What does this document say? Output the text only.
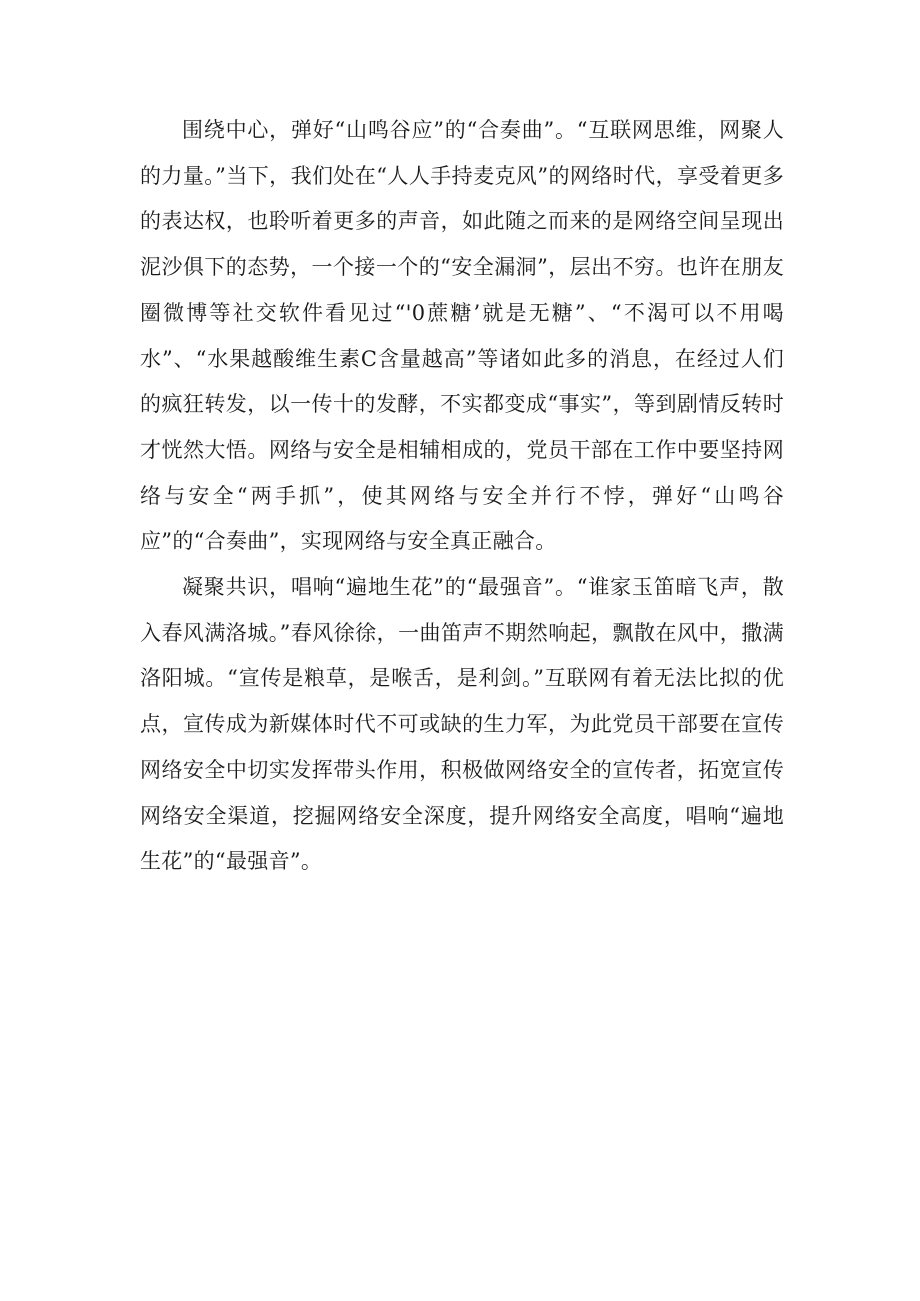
围绕中心，弹好“山鸣谷应”的“合奏曲”。“互联网思维，网聚人的力量。”当下，我们处在“人人手持麦克风”的网络时代，享受着更多的表达权，也聆听着更多的声音，如此随之而来的是网络空间呈现出泥沙俱下的态势，一个接一个的“安全漏洞”，层出不穷。也许在朋友圈微博等社交软件看见过“'0蔗糖’就是无糖”、“不渴可以不用喝水”、“水果越酸维生素C含量越高”等诸如此多的消息，在经过人们的疯狂转发，以一传十的发酵，不实都变成“事实”，等到剧情反转时才恍然大悟。网络与安全是相辅相成的，党员干部在工作中要坚持网络与安全“两手抓”，使其网络与安全并行不悖，弹好“山鸣谷应”的“合奏曲”，实现网络与安全真正融合。

凝聚共识，唱响“遍地生花”的“最强音”。“谁家玉笛暗飞声，散入春风满洛城。”春风徐徐，一曲笛声不期然响起，飘散在风中，撒满洛阳城。“宣传是粮草，是喉舌，是利剑。”互联网有着无法比拟的优点，宣传成为新媒体时代不可或缺的生力军，为此党员干部要在宣传网络安全中切实发挥带头作用，积极做网络安全的宣传者，拓宽宣传网络安全渠道，挖掘网络安全深度，提升网络安全高度，唱响“遍地生花”的“最强音”。
